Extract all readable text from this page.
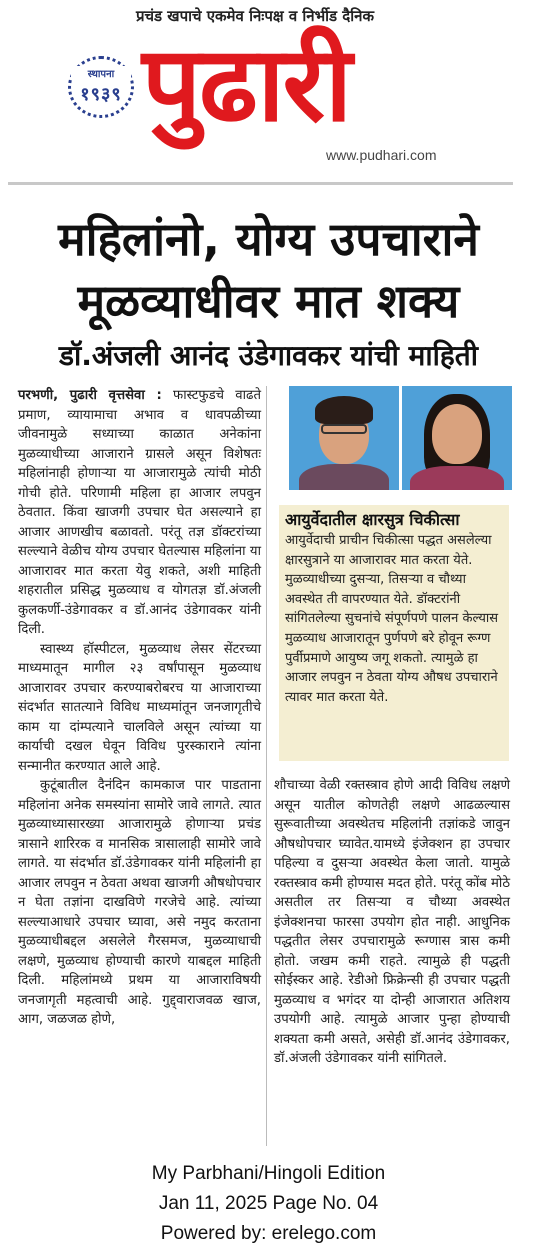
प्रचंड खपाचे एकमेव निःपक्ष व निर्भीड दैनिक
स्थापना
१९३९ पुढारी
www.pudhari.com
महिलांनो, योग्य उपचाराने
मूळव्याधीवर मात शक्य
डॉ.अंजली आनंद उंडेगावकर यांची माहिती

परभणी, पुढारी वृत्तसेवा : फास्टफुडचे वाढते प्रमाण, व्यायामाचा अभाव व धावपळीच्या जीवनामुळे सध्याच्या काळात अनेकांना मुळव्याधीच्या आजाराने ग्रासले असून विशेषतः महिलांनाही होणाऱ्या या आजारामुळे त्यांची मोठी गोची होते. परिणामी महिला हा आजार लपवुन ठेवतात. किंवा खाजगी उपचार घेत असल्याने हा आजार आणखीच बळावतो. परंतू तज्ञ डॉक्टरांच्या सल्ल्याने वेळीच योग्य उपचार घेतल्यास महिलांना या आजारावर मात करता येवु शकते, अशी माहिती शहरातील प्रसिद्ध मुळव्याध व योगतज्ञ डॉ.अंजली कुलकर्णी-उंडेगावकर व डॉ.आनंद उंडेगावकर यांनी दिली.

स्वास्थ्य हॉस्पीटल, मुळव्याध लेसर सेंटरच्या माध्यमातून मागील २३ वर्षांपासून मुळव्याध आजारावर उपचार करण्याबरोबरच या आजाराच्या संदर्भात सातत्याने विविध माध्यमांतून जनजागृतीचे काम या दांम्पत्याने चालविले असून त्यांच्या या कार्याची दखल घेवून विविध पुरस्काराने त्यांना सन्मानीत करण्यात आले आहे.

कुटूंबातील दैनंदिन कामकाज पार पाडताना महिलांना अनेक समस्यांना सामोरे जावे लागते. त्यात मुळव्याध्यासारख्या आजारामुळे होणाऱ्या प्रचंड त्रासाने शारिरक व मानसिक त्रासालाही सामोरे जावे लागते. या संदर्भात डॉ.उंडेगावकर यांनी महिलांनी हा आजार लपवुन न ठेवता अथवा खाजगी औषधोपचार न घेता तज्ञांना दाखविणे गरजेचे आहे. त्यांच्या सल्ल्याआधारे उपचार घ्यावा, असे नमुद करताना मुळव्याधीबद्दल असलेले गैरसमज, मुळव्याधाची लक्षणे, मुळव्याध होण्याची कारणे याबद्दल माहिती दिली. महिलांमध्ये प्रथम या आजाराविषयी जनजागृती महत्वाची आहे. गुद्द्वाराजवळ खाज, आग, जळजळ होणे,

आयुर्वेदातील क्षारसुत्र चिकीत्सा
आयुर्वेदाची प्राचीन चिकीत्सा पद्धत असलेल्या क्षारसुत्राने या आजारावर मात करता येते. मुळव्याधीच्या दुसऱ्या, तिसऱ्या व चौथ्या अवस्थेत ती वापरण्यात येते. डॉक्टरांनी सांगितलेल्या सुचनांचे संपूर्णपणे पालन केल्यास मुळव्याध आजारातून पुर्णपणे बरे होवून रूग्ण पुर्वीप्रमाणे आयुष्य जगू शकतो. त्यामुळे हा आजार लपवुन न ठेवता योग्य औषध उपचाराने त्यावर मात करता येते.

शौचाच्या वेळी रक्तस्त्राव होणे आदी विविध लक्षणे असून यातील कोणतेही लक्षणे आढळल्यास सुरूवातीच्या अवस्थेतच महिलांनी तज्ञांकडे जावुन औषधोपचार घ्यावेत.यामध्ये इंजेक्शन हा उपचार पहिल्या व दुसऱ्या अवस्थेत केला जातो. यामुळे रक्तस्त्राव कमी होण्यास मदत होते. परंतू कोंब मोठे असतील तर तिसऱ्या व चौथ्या अवस्थेत इंजेक्शनचा फारसा उपयोग होत नाही. आधुनिक पद्धतीत लेसर उपचारामुळे रूग्णास त्रास कमी होतो. जखम कमी राहते. त्यामुळे ही पद्धती सोईस्कर आहे. रेडीओ फ्रिक्रेन्सी ही उपचार पद्धती मुळव्याध व भगंदर या दोन्ही आजारात अतिशय उपयोगी आहे. त्यामुळे आजार पुन्हा होण्याची शक्यता कमी असते, असेही डॉ.आनंद उंडेगावकर, डॉ.अंजली उंडेगावकर यांनी सांगितले.

My Parbhani/Hingoli Edition
Jan 11, 2025 Page No. 04
Powered by: erelego.com
